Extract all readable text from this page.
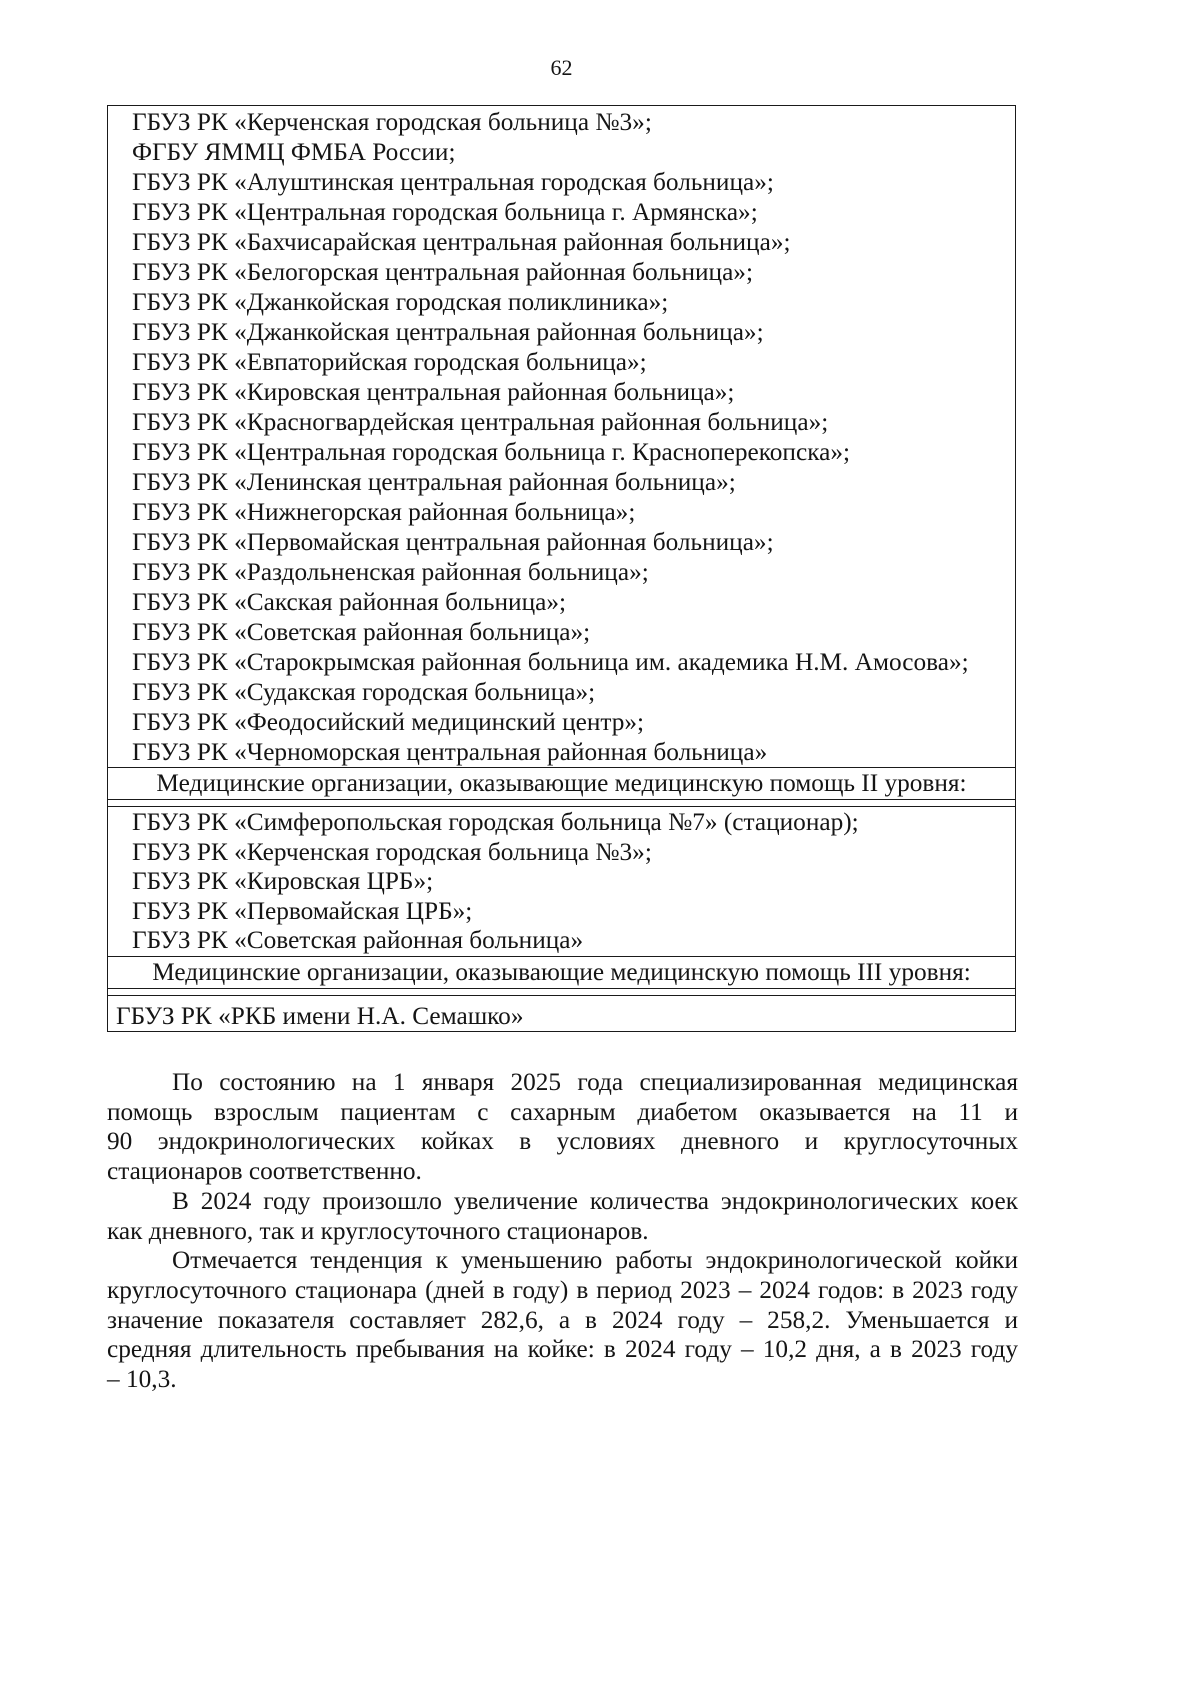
62
ГБУЗ РК «Керченская городская больница №3»;
ФГБУ ЯММЦ ФМБА России;
ГБУЗ РК «Алуштинская центральная городская больница»;
ГБУЗ РК «Центральная городская больница г. Армянска»;
ГБУЗ РК «Бахчисарайская центральная районная больница»;
ГБУЗ РК «Белогорская центральная районная больница»;
ГБУЗ РК «Джанкойская городская поликлиника»;
ГБУЗ РК «Джанкойская центральная районная больница»;
ГБУЗ РК «Евпаторийская городская больница»;
ГБУЗ РК «Кировская центральная районная больница»;
ГБУЗ РК «Красногвардейская центральная районная больница»;
ГБУЗ РК «Центральная городская больница г. Красноперекопска»;
ГБУЗ РК «Ленинская центральная районная больница»;
ГБУЗ РК «Нижнегорская районная больница»;
ГБУЗ РК «Первомайская центральная районная больница»;
ГБУЗ РК «Раздольненская районная больница»;
ГБУЗ РК «Сакская районная больница»;
ГБУЗ РК «Советская районная больница»;
ГБУЗ РК «Старокрымская районная больница им. академика Н.М. Амосова»;
ГБУЗ РК «Судакская городская больница»;
ГБУЗ РК «Феодосийский медицинский центр»;
ГБУЗ РК «Черноморская центральная районная больница»
Медицинские организации, оказывающие медицинскую помощь II уровня:
ГБУЗ РК «Симферопольская городская больница №7» (стационар);
ГБУЗ РК «Керченская городская больница №3»;
ГБУЗ РК «Кировская ЦРБ»;
ГБУЗ РК «Первомайская ЦРБ»;
ГБУЗ РК «Советская районная больница»
Медицинские организации, оказывающие медицинскую помощь III уровня:
ГБУЗ РК «РКБ имени Н.А. Семашко»
По состоянию на 1 января 2025 года специализированная медицинская
помощь взрослым пациентам с сахарным диабетом оказывается на 11 и
90 эндокринологических койках в условиях дневного и круглосуточных
стационаров соответственно.
В 2024 году произошло увеличение количества эндокринологических коек
как дневного, так и круглосуточного стационаров.
Отмечается тенденция к уменьшению работы эндокринологической койки
круглосуточного стационара (дней в году) в период 2023 – 2024 годов: в 2023 году
значение показателя составляет 282,6, а в 2024 году – 258,2. Уменьшается и
средняя длительность пребывания на койке: в 2024 году – 10,2 дня, а в 2023 году
– 10,3.
